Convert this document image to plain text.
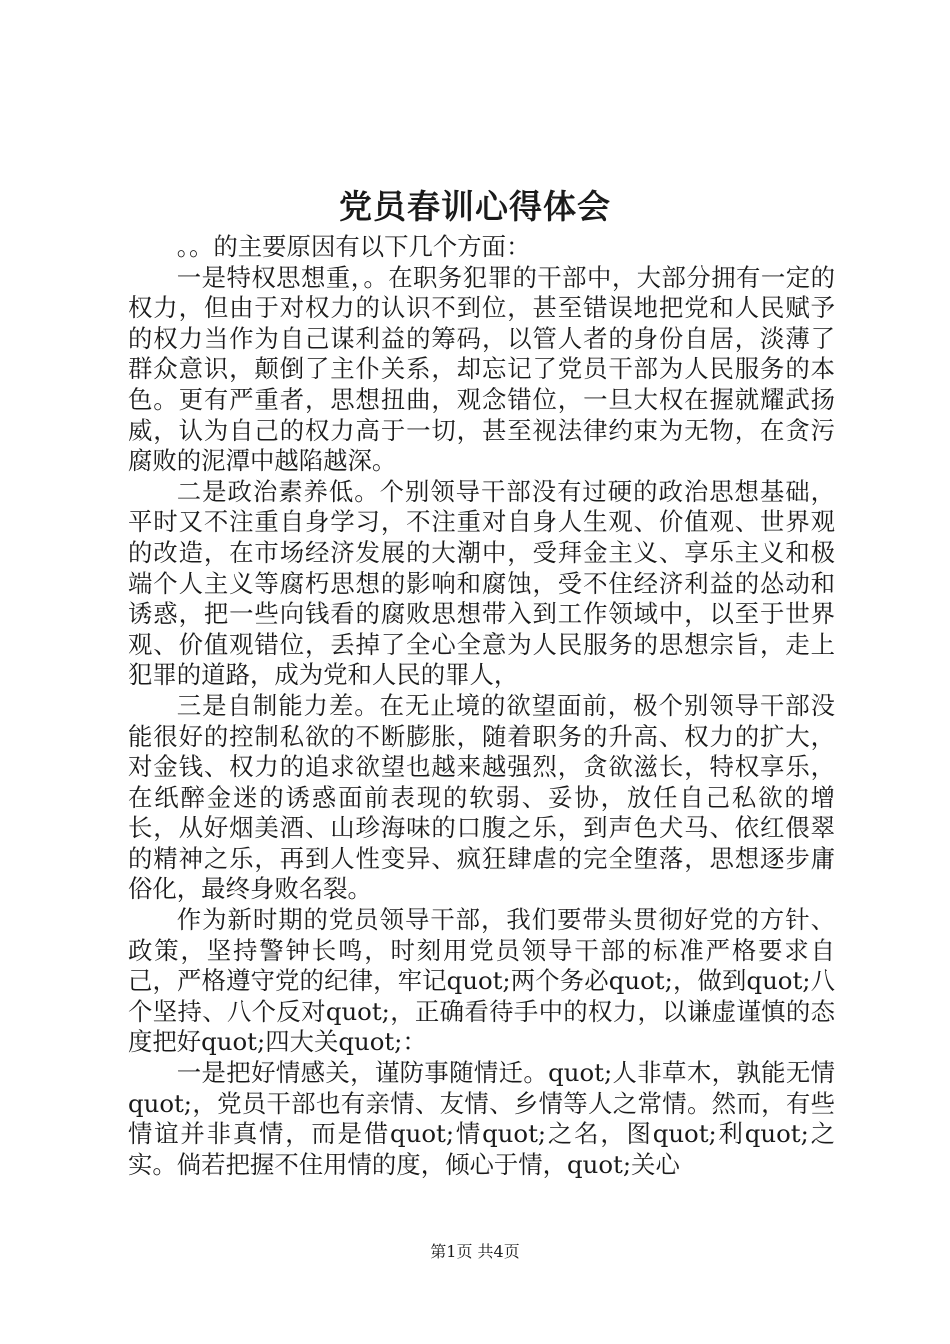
党员春训心得体会

。。的主要原因有以下几个方面：

一是特权思想重，。在职务犯罪的干部中，大部分拥有一定的权力，但由于对权力的认识不到位，甚至错误地把党和人民赋予的权力当作为自己谋利益的筹码，以管人者的身份自居，淡薄了群众意识，颠倒了主仆关系，却忘记了党员干部为人民服务的本色。更有严重者，思想扭曲，观念错位，一旦大权在握就耀武扬威，认为自己的权力高于一切，甚至视法律约束为无物，在贪污腐败的泥潭中越陷越深。

二是政治素养低。个别领导干部没有过硬的政治思想基础，平时又不注重自身学习，不注重对自身人生观、价值观、世界观的改造，在市场经济发展的大潮中，受拜金主义、享乐主义和极端个人主义等腐朽思想的影响和腐蚀，受不住经济利益的怂动和诱惑，把一些向钱看的腐败思想带入到工作领域中，以至于世界观、价值观错位，丢掉了全心全意为人民服务的思想宗旨，走上犯罪的道路，成为党和人民的罪人，

三是自制能力差。在无止境的欲望面前，极个别领导干部没能很好的控制私欲的不断膨胀，随着职务的升高、权力的扩大，对金钱、权力的追求欲望也越来越强烈，贪欲滋长，特权享乐，在纸醉金迷的诱惑面前表现的软弱、妥协，放任自己私欲的增长，从好烟美酒、山珍海味的口腹之乐，到声色犬马、依红偎翠的精神之乐，再到人性变异、疯狂肆虐的完全堕落，思想逐步庸俗化，最终身败名裂。

作为新时期的党员领导干部，我们要带头贯彻好党的方针、政策，坚持警钟长鸣，时刻用党员领导干部的标准严格要求自己，严格遵守党的纪律，牢记quot;两个务必quot;，做到quot;八个坚持、八个反对quot;，正确看待手中的权力，以谦虚谨慎的态度把好quot;四大关quot;：

一是把好情感关，谨防事随情迁。quot;人非草木，孰能无情quot;，党员干部也有亲情、友情、乡情等人之常情。然而，有些情谊并非真情，而是借quot;情quot;之名，图quot;利quot;之实。倘若把握不住用情的度，倾心于情，quot;关心

第1页 共4页
